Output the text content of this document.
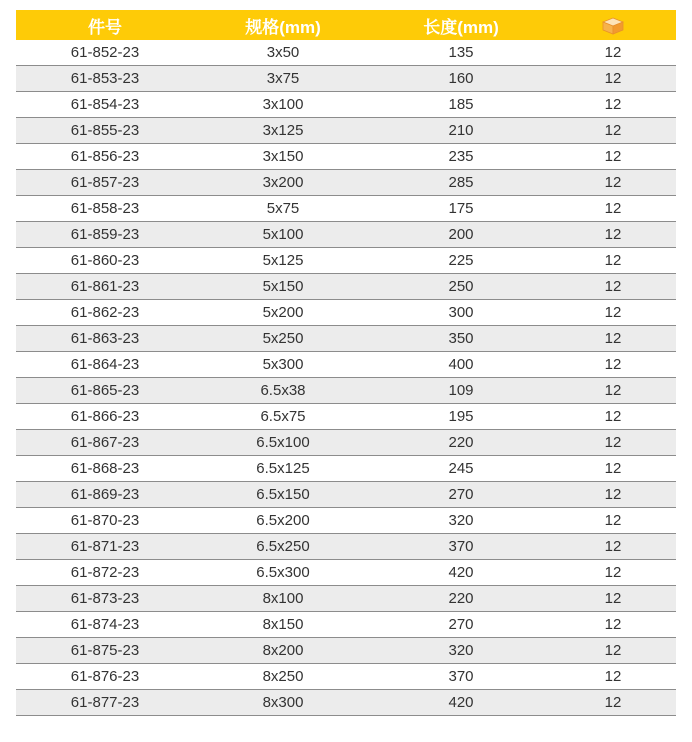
件号	规格(mm)	长度(mm)	
61-852-23	3x50	135	12
61-853-23	3x75	160	12
61-854-23	3x100	185	12
61-855-23	3x125	210	12
61-856-23	3x150	235	12
61-857-23	3x200	285	12
61-858-23	5x75	175	12
61-859-23	5x100	200	12
61-860-23	5x125	225	12
61-861-23	5x150	250	12
61-862-23	5x200	300	12
61-863-23	5x250	350	12
61-864-23	5x300	400	12
61-865-23	6.5x38	109	12
61-866-23	6.5x75	195	12
61-867-23	6.5x100	220	12
61-868-23	6.5x125	245	12
61-869-23	6.5x150	270	12
61-870-23	6.5x200	320	12
61-871-23	6.5x250	370	12
61-872-23	6.5x300	420	12
61-873-23	8x100	220	12
61-874-23	8x150	270	12
61-875-23	8x200	320	12
61-876-23	8x250	370	12
61-877-23	8x300	420	12
